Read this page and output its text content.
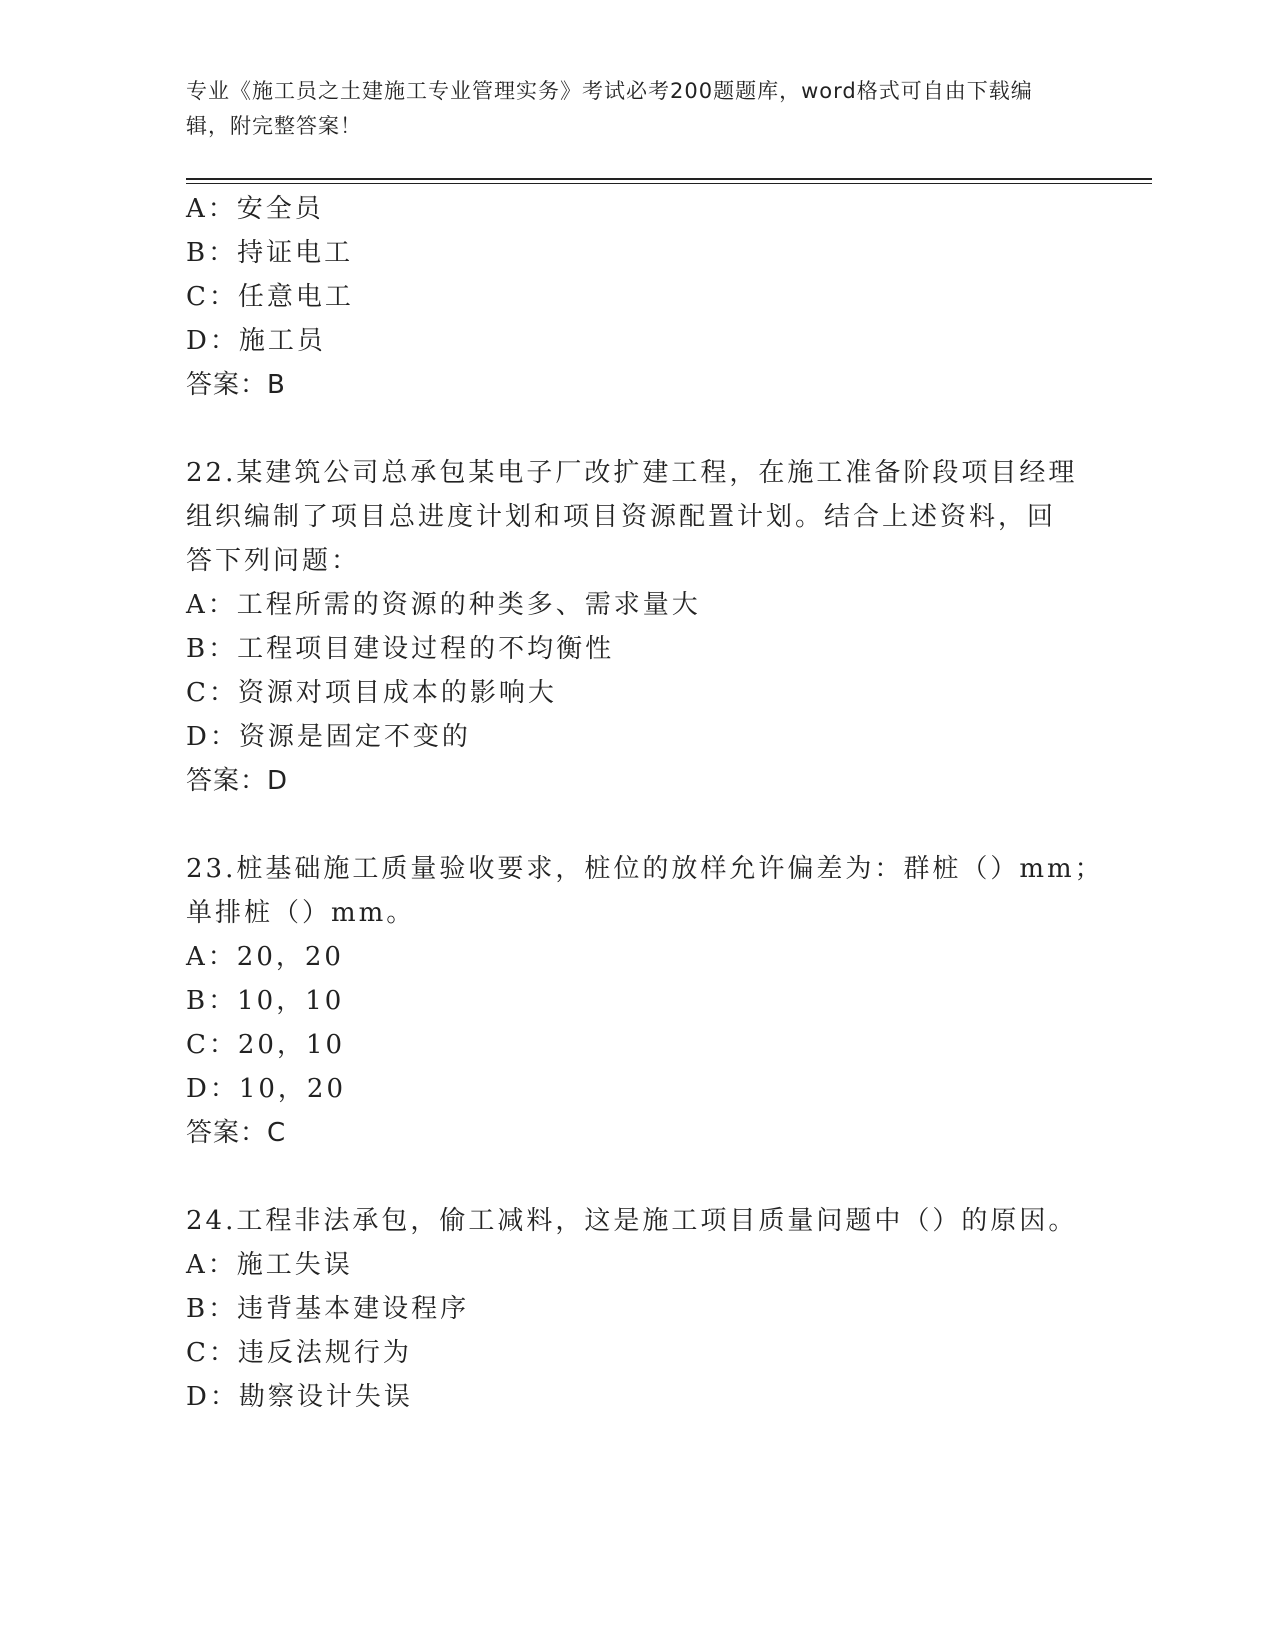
专业《施工员之土建施工专业管理实务》考试必考200题题库，word格式可自由下载编辑，附完整答案！
A：安全员
B：持证电工
C：任意电工
D：施工员
答案：B
22.某建筑公司总承包某电子厂改扩建工程，在施工准备阶段项目经理
组织编制了项目总进度计划和项目资源配置计划。结合上述资料，回
答下列问题：
A：工程所需的资源的种类多、需求量大
B：工程项目建设过程的不均衡性
C：资源对项目成本的影响大
D：资源是固定不变的
答案：D
23.桩基础施工质量验收要求，桩位的放样允许偏差为：群桩（）mm；
单排桩（）mm。
A：20，20
B：10，10
C：20，10
D：10，20
答案：C
24.工程非法承包，偷工减料，这是施工项目质量问题中（）的原因。
A：施工失误
B：违背基本建设程序
C：违反法规行为
D：勘察设计失误
